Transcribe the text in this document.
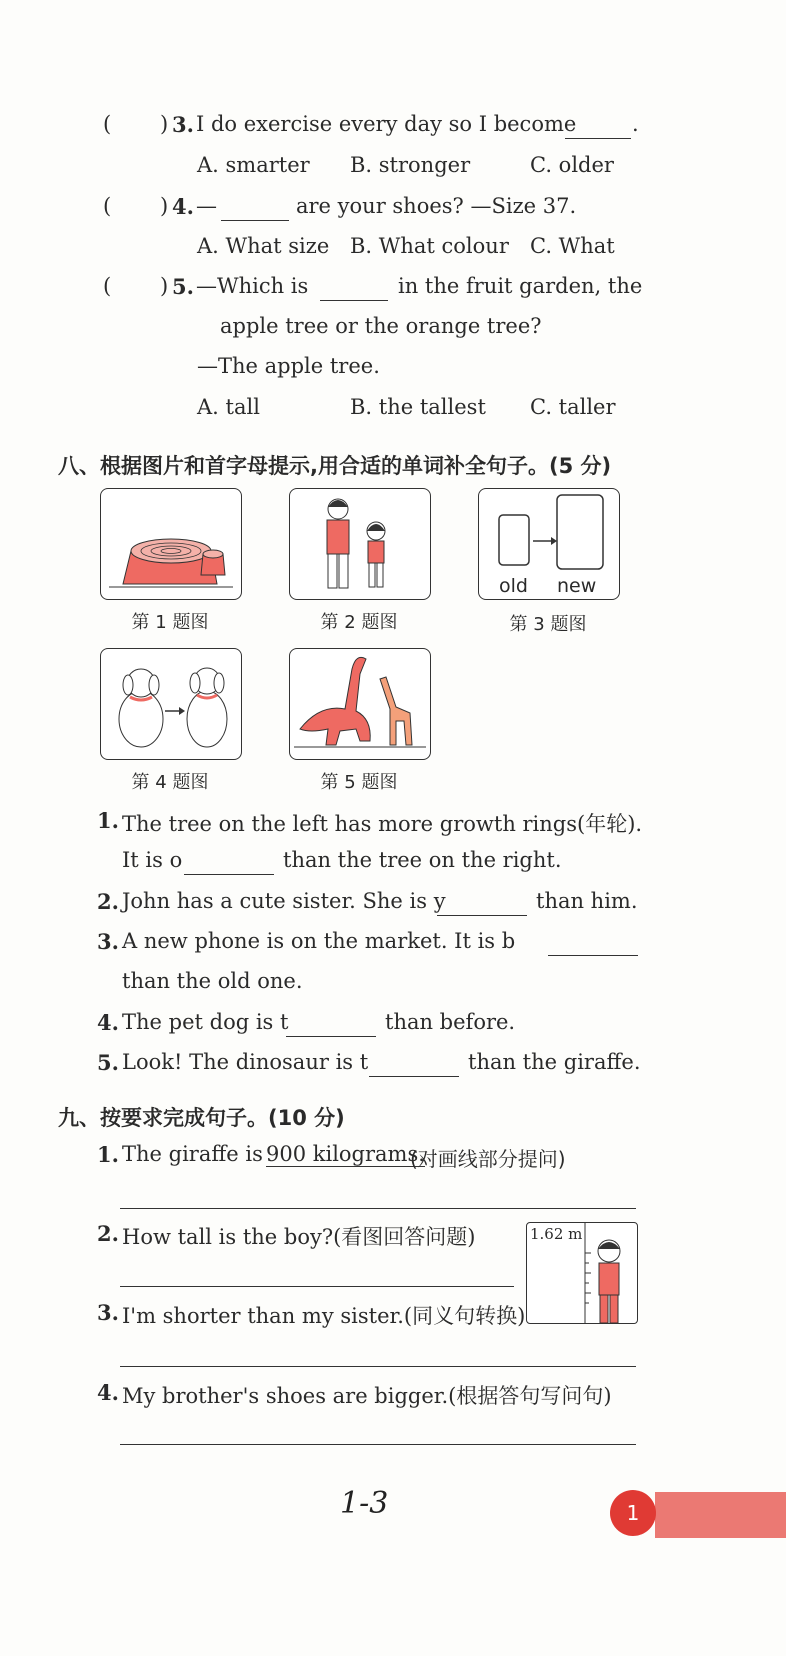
( ) 3. I do exercise every day so I become	.
A. smarter B. stronger	C. older
( ) 4. —	are your shoes? —Size 37.
A. What size B. What colour C. What
( ) 5. —Which is	in the fruit garden, the
apple tree or the orange tree?
—The apple tree.
A. tall	B. the tallest C. taller
八、根据图片和首字母提示,用合适的单词补全句子。(5 分)
old new
第 1 题图	第 2 题图	第 3 题图
第 4 题图	第 5 题图
1. The tree on the left has more growth rings(年轮).
It is o	than the tree on the right.
2. John has a cute sister. She is y	than him.
3. A new phone is on the market. It is b
than the old one.
4. The pet dog is t	than before.
5. Look! The dinosaur is t	than the giraffe.
九、按要求完成句子。(10 分)
1. The giraffe is 900 kilograms.
(对画线部分提问)
2. How tall is the boy?(看图回答问题)	1.62 m
3. I'm shorter than my sister.(同义句转换)
4. My brother's shoes are bigger.(根据答句写问句)
1-3	1
